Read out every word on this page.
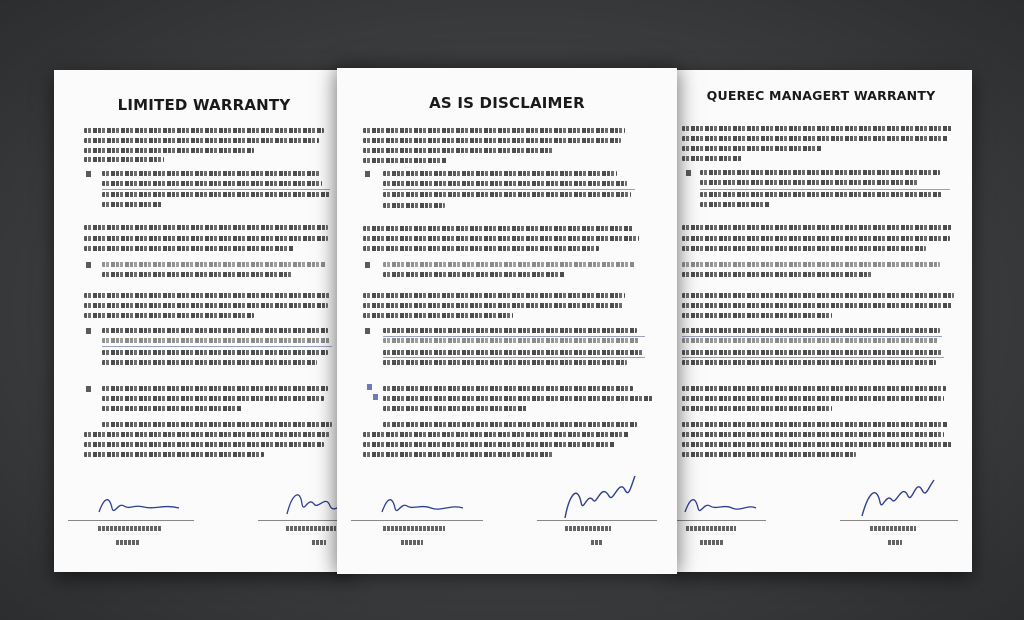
LIMITED WARRANTY
QUEREC MANAGERT WARRANTY
AS IS DISCLAIMER
